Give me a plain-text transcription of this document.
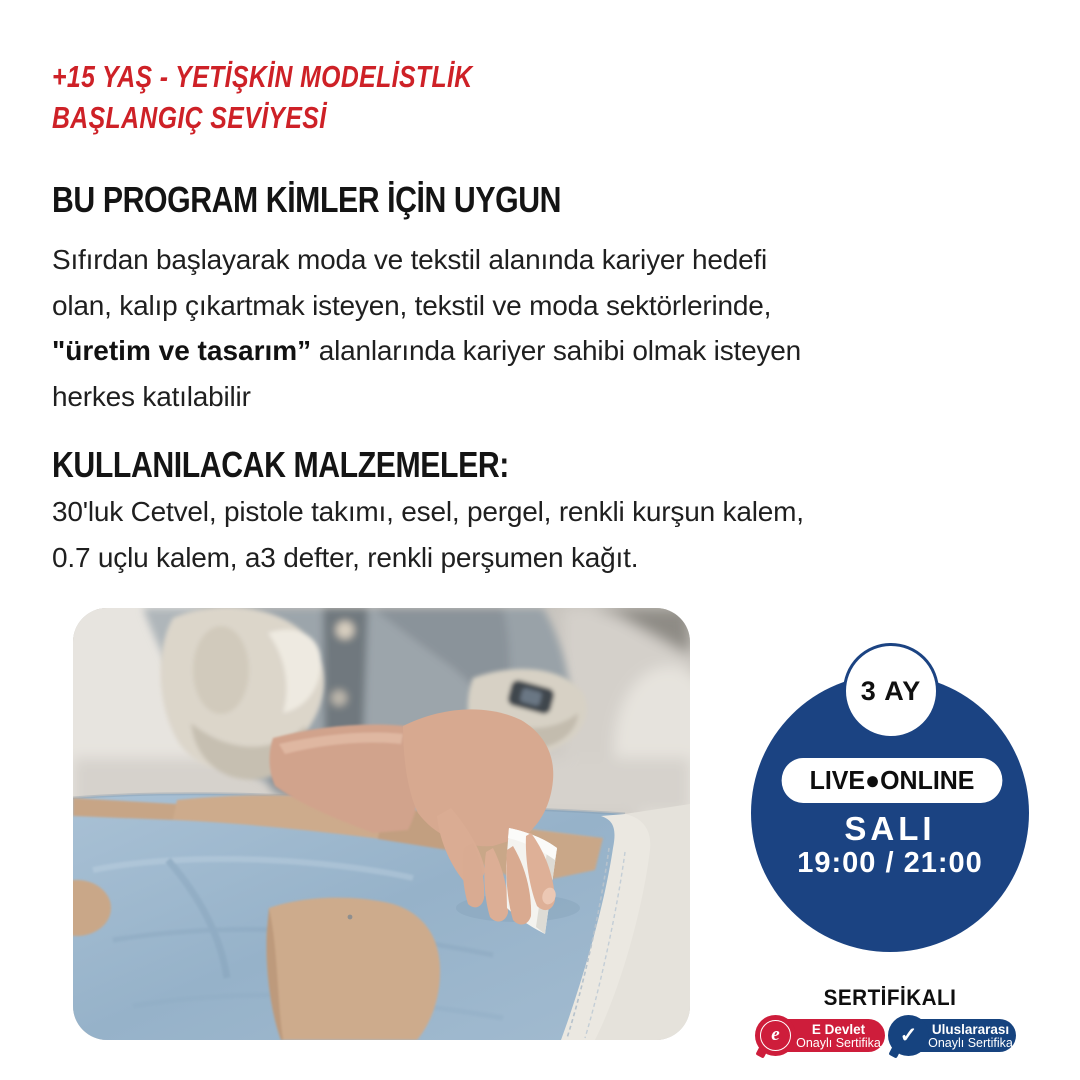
+15 YAŞ - YETİŞKİN MODELİSTLİK
BAŞLANGIÇ SEVİYESİ
BU PROGRAM KİMLER İÇİN UYGUN
Sıfırdan başlayarak moda ve tekstil alanında kariyer hedefi
olan, kalıp çıkartmak isteyen, tekstil ve moda sektörlerinde,
"üretim ve tasarım” alanlarında kariyer sahibi olmak isteyen
herkes katılabilir
KULLANILACAK MALZEMELER:
30'luk Cetvel, pistole takımı, esel, pergel, renkli kurşun kalem,
0.7 uçlu kalem, a3 defter, renkli perşumen kağıt.
LIVE●ONLINE
SALI
19:00 / 21:00
3 AY
SERTİFİKALI
e E Devlet
Onaylı Sertifika ✓ Uluslararası
Onaylı Sertifika
